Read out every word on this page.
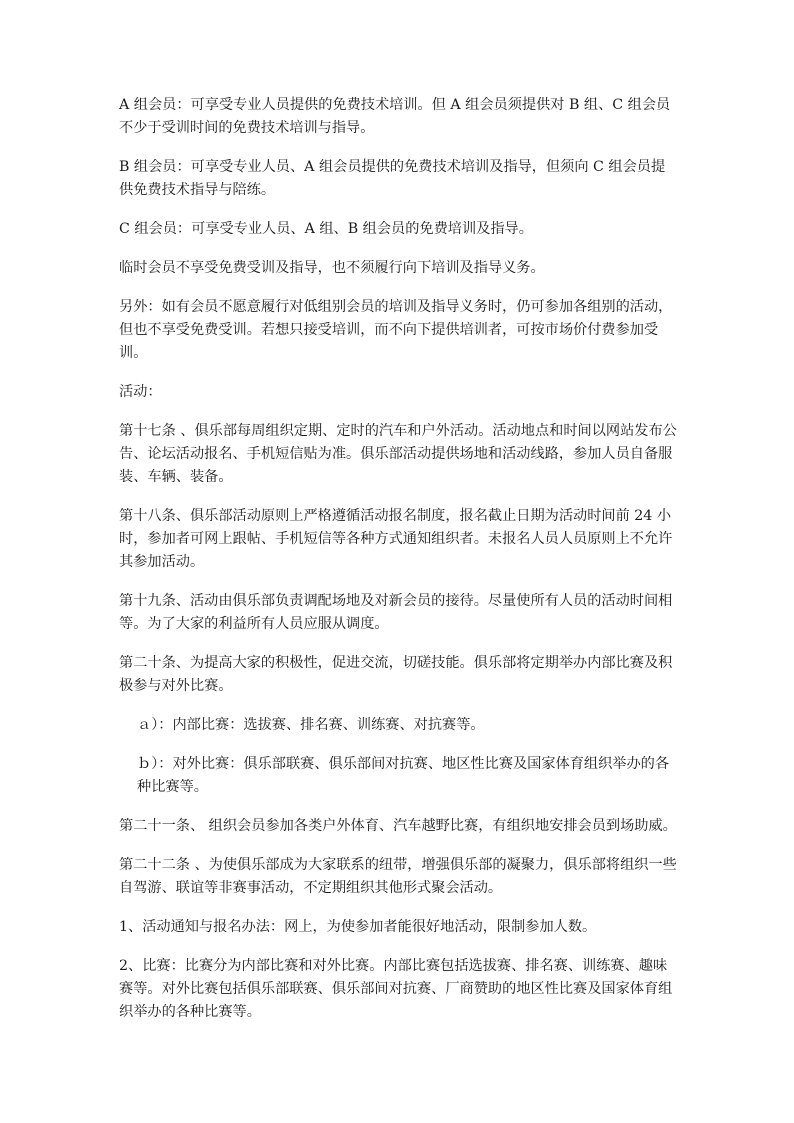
A 组会员：可享受专业人员提供的免费技术培训。但 A 组会员须提供对 B 组、C 组会员不少于受训时间的免费技术培训与指导。

B 组会员：可享受专业人员、A 组会员提供的免费技术培训及指导，但须向 C 组会员提供免费技术指导与陪练。

C 组会员：可享受专业人员、A 组、B 组会员的免费培训及指导。

临时会员不享受免费受训及指导，也不须履行向下培训及指导义务。

另外：如有会员不愿意履行对低组别会员的培训及指导义务时，仍可参加各组别的活动，但也不享受免费受训。若想只接受培训，而不向下提供培训者，可按市场价付费参加受训。

活动：

第十七条 、俱乐部每周组织定期、定时的汽车和户外活动。活动地点和时间以网站发布公告、论坛活动报名、手机短信贴为准。俱乐部活动提供场地和活动线路，参加人员自备服装、车辆、装备。

第十八条、俱乐部活动原则上严格遵循活动报名制度，报名截止日期为活动时间前 24 小时，参加者可网上跟帖、手机短信等各种方式通知组织者。未报名人员人员原则上不允许其参加活动。

第十九条、活动由俱乐部负责调配场地及对新会员的接待。尽量使所有人员的活动时间相等。为了大家的利益所有人员应服从调度。

第二十条、为提高大家的积极性，促进交流，切磋技能。俱乐部将定期举办内部比赛及积极参与对外比赛。

ａ）：内部比赛：选拔赛、排名赛、训练赛、对抗赛等。

ｂ）：对外比赛：俱乐部联赛、俱乐部间对抗赛、地区性比赛及国家体育组织举办的各种比赛等。

第二十一条、 组织会员参加各类户外体育、汽车越野比赛，有组织地安排会员到场助威。

第二十二条 、为使俱乐部成为大家联系的纽带，增强俱乐部的凝聚力，俱乐部将组织一些自驾游、联谊等非赛事活动，不定期组织其他形式聚会活动。

1、活动通知与报名办法：网上，为使参加者能很好地活动，限制参加人数。

2、比赛：比赛分为内部比赛和对外比赛。内部比赛包括选拔赛、排名赛、训练赛、趣味赛等。对外比赛包括俱乐部联赛、俱乐部间对抗赛、厂商赞助的地区性比赛及国家体育组织举办的各种比赛等。
